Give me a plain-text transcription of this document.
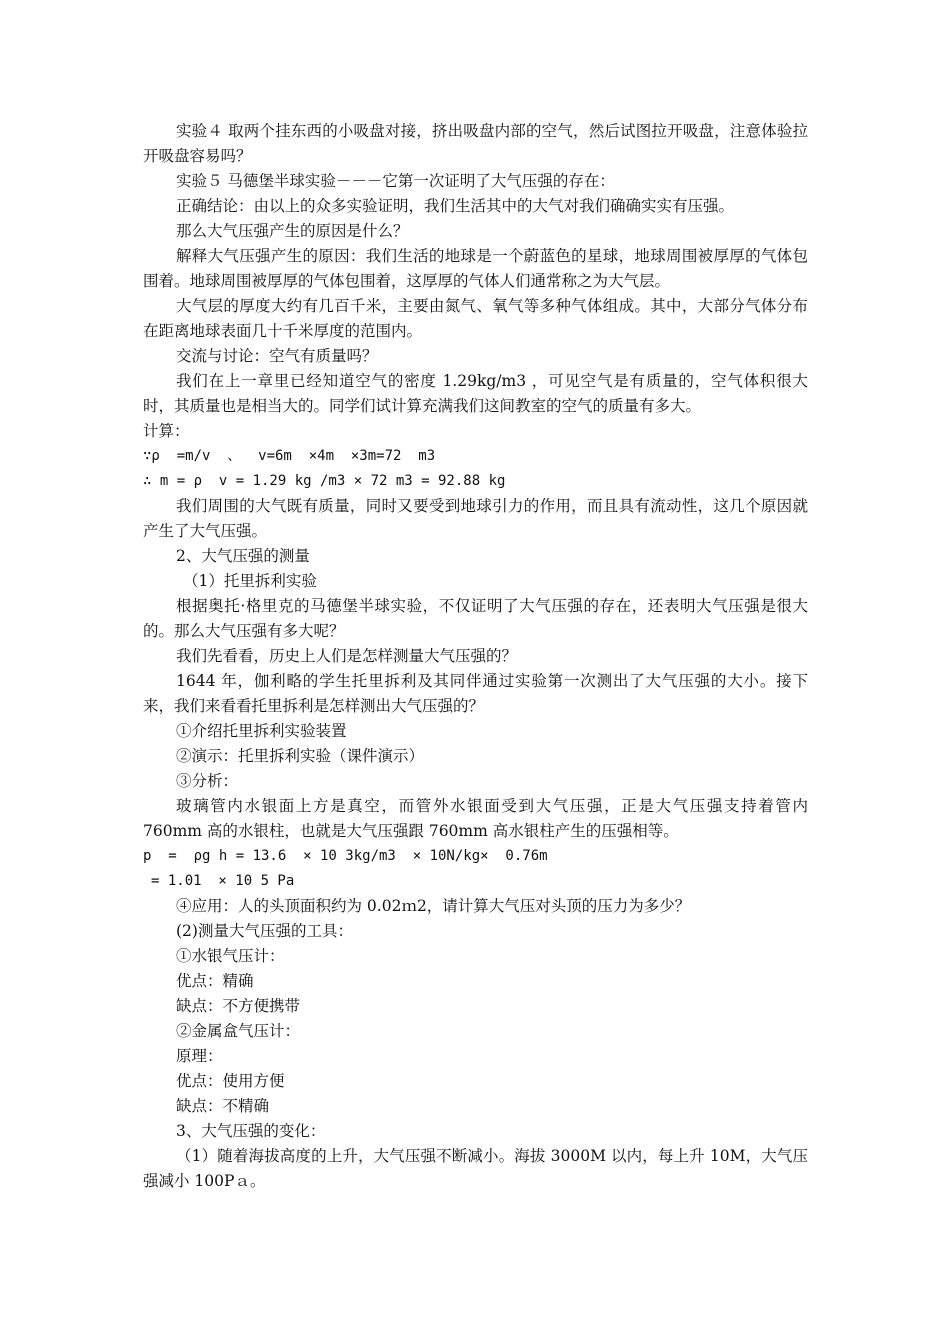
实验４ 取两个挂东西的小吸盘对接，挤出吸盘内部的空气，然后试图拉开吸盘，注意体验拉开吸盘容易吗？

实验５ 马德堡半球实验－－－它第一次证明了大气压强的存在：

正确结论：由以上的众多实验证明，我们生活其中的大气对我们确确实实有压强。

那么大气压强产生的原因是什么？

解释大气压强产生的原因：我们生活的地球是一个蔚蓝色的星球，地球周围被厚厚的气体包围着。地球周围被厚厚的气体包围着，这厚厚的气体人们通常称之为大气层。

大气层的厚度大约有几百千米，主要由氮气、氧气等多种气体组成。其中，大部分气体分布在距离地球表面几十千米厚度的范围内。

交流与讨论：空气有质量吗？

我们在上一章里已经知道空气的密度 1.29kg/m3 ，可见空气是有质量的，空气体积很大时，其质量也是相当大的。同学们试计算充满我们这间教室的空气的质量有多大。

计算：

∵ρ  =m/v  、  v=6m  ×4m  ×3m=72  m3

∴ m = ρ  v = 1.29 kg /m3 × 72 m3 = 92.88 kg

我们周围的大气既有质量，同时又要受到地球引力的作用，而且具有流动性，这几个原因就产生了大气压强。

2、大气压强的测量

（1）托里拆利实验

根据奥托·格里克的马德堡半球实验，不仅证明了大气压强的存在，还表明大气压强是很大的。那么大气压强有多大呢？

我们先看看，历史上人们是怎样测量大气压强的？

1644 年，伽利略的学生托里拆利及其同伴通过实验第一次测出了大气压强的大小。接下来，我们来看看托里拆利是怎样测出大气压强的？

①介绍托里拆利实验装置

②演示：托里拆利实验（课件演示）

③分析：

玻璃管内水银面上方是真空，而管外水银面受到大气压强，正是大气压强支持着管内 760mm 高的水银柱，也就是大气压强跟 760mm 高水银柱产生的压强相等。

p  =  ρg h = 13.6  × 10 3kg/m3  × 10N/kg×  0.76m

= 1.01  × 10 5 Pa

④应用：人的头顶面积约为 0.02ｍ2，请计算大气压对头顶的压力为多少？

(2)测量大气压强的工具：

①水银气压计：

优点：精确

缺点：不方便携带

②金属盒气压计：

原理：

优点：使用方便

缺点：不精确

3、大气压强的变化：

（1）随着海拔高度的上升，大气压强不断减小。海拔 3000M 以内，每上升 10M，大气压强减小 100Pａ。
